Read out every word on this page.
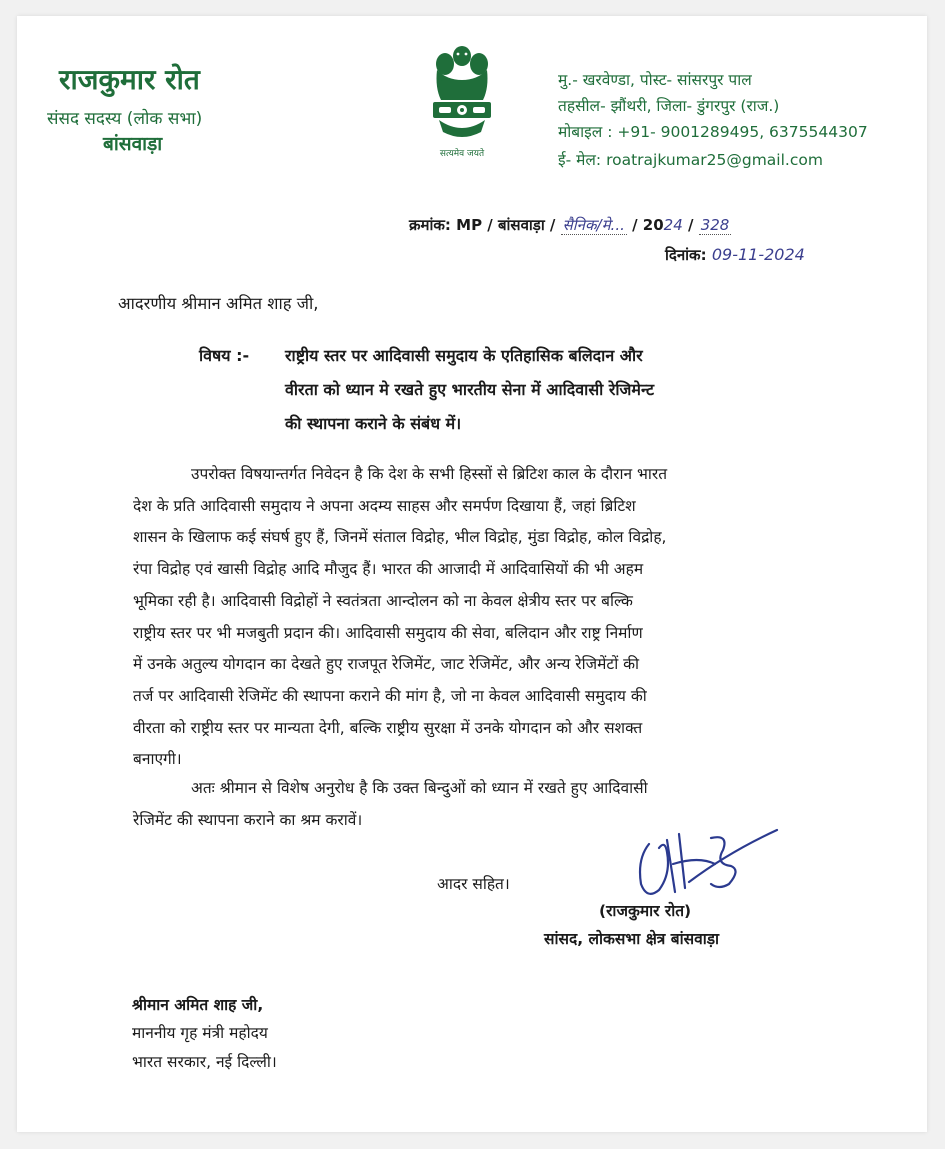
राजकुमार रोत
संसद सदस्य (लोक सभा)
बांसवाड़ा	सत्यमेव जयते
मु.- खरवेण्डा, पोस्ट- सांसरपुर पाल
तहसील- झौंथरी, जिला- डुंगरपुर (राज.)
मोबाइल : +91- 9001289495, 6375544307
ई- मेल: roatrajkumar25@gmail.com
क्रमांक: MP / बांसवाड़ा / सैनिक/मे... / 2024 / 328
दिनांक: 09-11-2024
आदरणीय श्रीमान अमित शाह जी,
विषय :- राष्ट्रीय स्तर पर आदिवासी समुदाय के एतिहासिक बलिदान और
वीरता को ध्यान मे रखते हुए भारतीय सेना में आदिवासी रेजिमेन्ट
की स्थापना कराने के संबंध में।
उपरोक्त विषयान्तर्गत निवेदन है कि देश के सभी हिस्सों से ब्रिटिश काल के दौरान भारत
देश के प्रति आदिवासी समुदाय ने अपना अदम्य साहस और समर्पण दिखाया हैं, जहां ब्रिटिश
शासन के खिलाफ कई संघर्ष हुए हैं, जिनमें संताल विद्रोह, भील विद्रोह, मुंडा विद्रोह, कोल विद्रोह,
रंपा विद्रोह एवं खासी विद्रोह आदि मौजुद हैं। भारत की आजादी में आदिवासियों की भी अहम
भूमिका रही है। आदिवासी विद्रोहों ने स्वतंत्रता आन्दोलन को ना केवल क्षेत्रीय स्तर पर बल्कि
राष्ट्रीय स्तर पर भी मजबुती प्रदान की। आदिवासी समुदाय की सेवा, बलिदान और राष्ट्र निर्माण
में उनके अतुल्य योगदान का देखते हुए राजपूत रेजिमेंट, जाट रेजिमेंट, और अन्य रेजिमेंटों की
तर्ज पर आदिवासी रेजिमेंट की स्थापना कराने की मांग है, जो ना केवल आदिवासी समुदाय की
वीरता को राष्ट्रीय स्तर पर मान्यता देगी, बल्कि राष्ट्रीय सुरक्षा में उनके योगदान को और सशक्त
बनाएगी।
अतः श्रीमान से विशेष अनुरोध है कि उक्त बिन्दुओं को ध्यान में रखते हुए आदिवासी
रेजिमेंट की स्थापना कराने का श्रम करावें।
आदर सहित।
(राजकुमार रोत)
सांसद, लोकसभा क्षेत्र बांसवाड़ा
श्रीमान अमित शाह जी,
माननीय गृह मंत्री महोदय
भारत सरकार, नई दिल्ली।
